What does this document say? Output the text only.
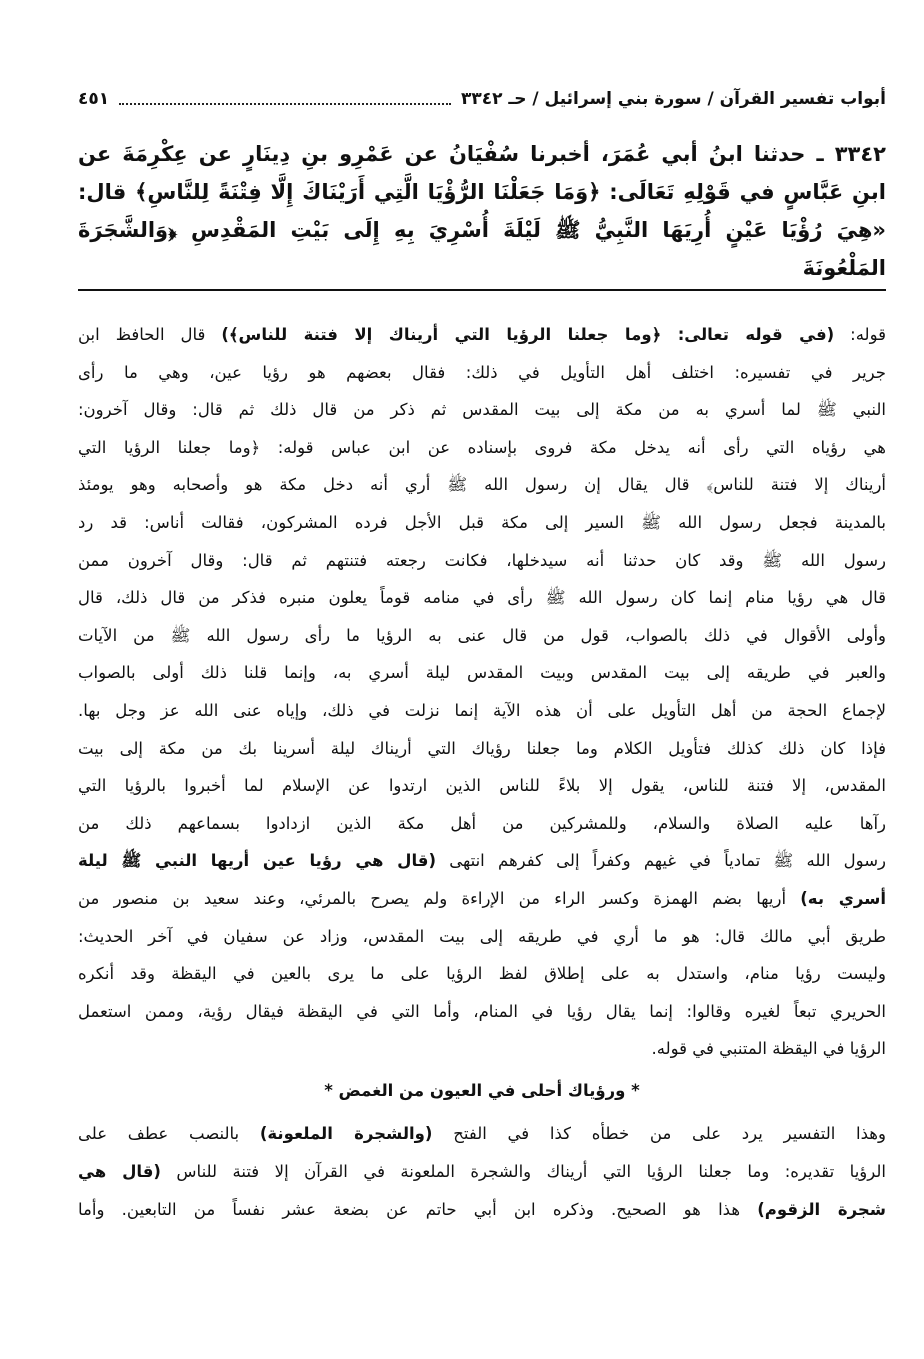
أبواب تفسير القرآن / سورة بني إسرائيل / حـ ٣٣٤٢
٤٥١
٣٣٤٢ ـ حدثنا ابنُ أبي عُمَرَ، أخبرنا سُفْيَانُ عن عَمْرِو بنِ دِينَارٍ عن عِكْرِمَةَ عن
ابنِ عَبَّاسٍ في قَوْلِهِ تَعَالَى: ﴿وَمَا جَعَلْنَا الرُّؤْيَا الَّتِي أَرَيْنَاكَ إِلَّا فِتْنَةً لِلنَّاسِ﴾ قال:
«هِيَ رُؤْيَا عَيْنٍ أُرِيَهَا النَّبِيُّ ﷺ لَيْلَةَ أُسْرِيَ بِهِ إِلَى بَيْتِ المَقْدِسِ ﴿وَالشَّجَرَةَ المَلْعُونَةَ
قوله: (في قوله تعالى: ﴿وما جعلنا الرؤيا التي أريناك إلا فتنة للناس﴾) قال الحافظ ابن
جرير في تفسيره: اختلف أهل التأويل في ذلك: فقال بعضهم هو رؤيا عين، وهي ما رأى
النبي ﷺ لما أسري به من مكة إلى بيت المقدس ثم ذكر من قال ذلك ثم قال: وقال آخرون:
هي رؤياه التي رأى أنه يدخل مكة فروى بإسناده عن ابن عباس قوله: ﴿وما جعلنا الرؤيا التي
أريناك إلا فتنة للناس﴾ قال يقال إن رسول الله ﷺ أري أنه دخل مكة هو وأصحابه وهو يومئذ
بالمدينة فجعل رسول الله ﷺ السير إلى مكة قبل الأجل فرده المشركون، فقالت أناس: قد رد
رسول الله ﷺ وقد كان حدثنا أنه سيدخلها، فكانت رجعته فتنتهم ثم قال: وقال آخرون ممن
قال هي رؤيا منام إنما كان رسول الله ﷺ رأى في منامه قوماً يعلون منبره فذكر من قال ذلك، قال
وأولى الأقوال في ذلك بالصواب، قول من قال عنى به الرؤيا ما رأى رسول الله ﷺ من الآيات
والعبر في طريقه إلى بيت المقدس وبيت المقدس ليلة أسري به، وإنما قلنا ذلك أولى بالصواب
لإجماع الحجة من أهل التأويل على أن هذه الآية إنما نزلت في ذلك، وإياه عنى الله عز وجل بها.
فإذا كان ذلك كذلك فتأويل الكلام وما جعلنا رؤياك التي أريناك ليلة أسرينا بك من مكة إلى بيت
المقدس، إلا فتنة للناس، يقول إلا بلاءً للناس الذين ارتدوا عن الإسلام لما أخبروا بالرؤيا التي
رآها عليه الصلاة والسلام، وللمشركين من أهل مكة الذين ازدادوا بسماعهم ذلك من
رسول الله ﷺ تمادياً في غيهم وكفراً إلى كفرهم انتهى (قال هي رؤيا عين أريها النبي ﷺ ليلة
أسري به) أريها بضم الهمزة وكسر الراء من الإراءة ولم يصرح بالمرئي، وعند سعيد بن منصور من
طريق أبي مالك قال: هو ما أري في طريقه إلى بيت المقدس، وزاد عن سفيان في آخر الحديث:
وليست رؤيا منام، واستدل به على إطلاق لفظ الرؤيا على ما يرى بالعين في اليقظة وقد أنكره
الحريري تبعاً لغيره وقالوا: إنما يقال رؤيا في المنام، وأما التي في اليقظة فيقال رؤية، وممن استعمل
الرؤيا في اليقظة المتنبي في قوله.
* ورؤياك أحلى في العيون من الغمض *
وهذا التفسير يرد على من خطأه كذا في الفتح (والشجرة الملعونة) بالنصب عطف على
الرؤيا تقديره: وما جعلنا الرؤيا التي أريناك والشجرة الملعونة في القرآن إلا فتنة للناس (قال هي
شجرة الزقوم) هذا هو الصحيح. وذكره ابن أبي حاتم عن بضعة عشر نفساً من التابعين. وأما
